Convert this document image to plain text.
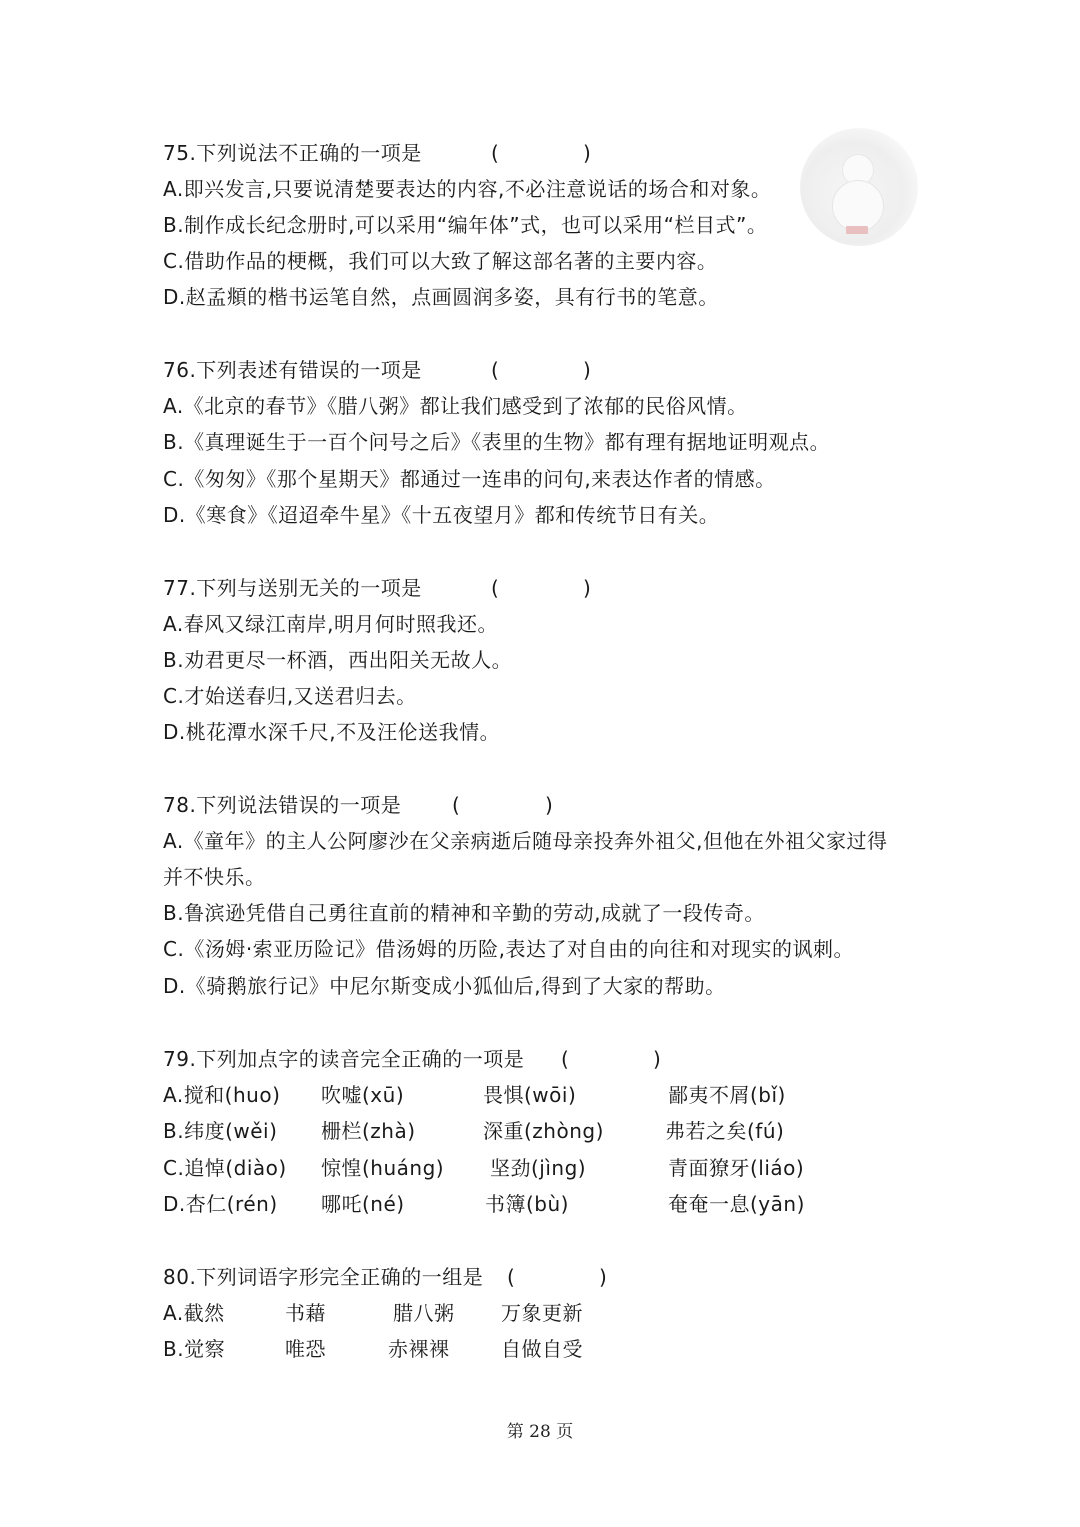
75.下列说法不正确的一项是	(	)
A.即兴发言,只要说清楚要表达的内容,不必注意说话的场合和对象。
B.制作成长纪念册时,可以采用“编年体”式，也可以采用“栏目式”。
C.借助作品的梗概，我们可以大致了解这部名著的主要内容。
D.赵孟頫的楷书运笔自然，点画圆润多姿，具有行书的笔意。
76.下列表述有错误的一项是	(	)
A.《北京的春节》《腊八粥》都让我们感受到了浓郁的民俗风情。
B.《真理诞生于一百个问号之后》《表里的生物》都有理有据地证明观点。
C.《匆匆》《那个星期天》都通过一连串的问句,来表达作者的情感。
D.《寒食》《迢迢牵牛星》《十五夜望月》都和传统节日有关。
77.下列与送别无关的一项是	(	)
A.春风又绿江南岸,明月何时照我还。
B.劝君更尽一杯酒，西出阳关无故人。
C.才始送春归,又送君归去。
D.桃花潭水深千尺,不及汪伦送我情。
78.下列说法错误的一项是	(	)
A.《童年》的主人公阿廖沙在父亲病逝后随母亲投奔外祖父,但他在外祖父家过得
并不快乐。
B.鲁滨逊凭借自己勇往直前的精神和辛勤的劳动,成就了一段传奇。
C.《汤姆·索亚历险记》借汤姆的历险,表达了对自由的向往和对现实的讽刺。
D.《骑鹅旅行记》中尼尔斯变成小狐仙后,得到了大家的帮助。
79.下列加点字的读音完全正确的一项是 (	)
A.搅和(huo) 吹嘘(xū)	畏惧(wōi)	鄙夷不屑(bǐ)
B.纬度(wěi) 栅栏(zhà)	深重(zhòng)	弗若之矣(fú)
C.追悼(diào) 惊惶(huáng) 坚劲(jìng)	青面獠牙(liáo)
D.杏仁(rén) 哪吒(né)	书簿(bù)	奄奄一息(yān)
80.下列词语字形完全正确的一组是 (	)
A.截然	书藉	腊八粥 万象更新
B.觉察	唯恐	赤裸裸	自做自受
第 28 页
